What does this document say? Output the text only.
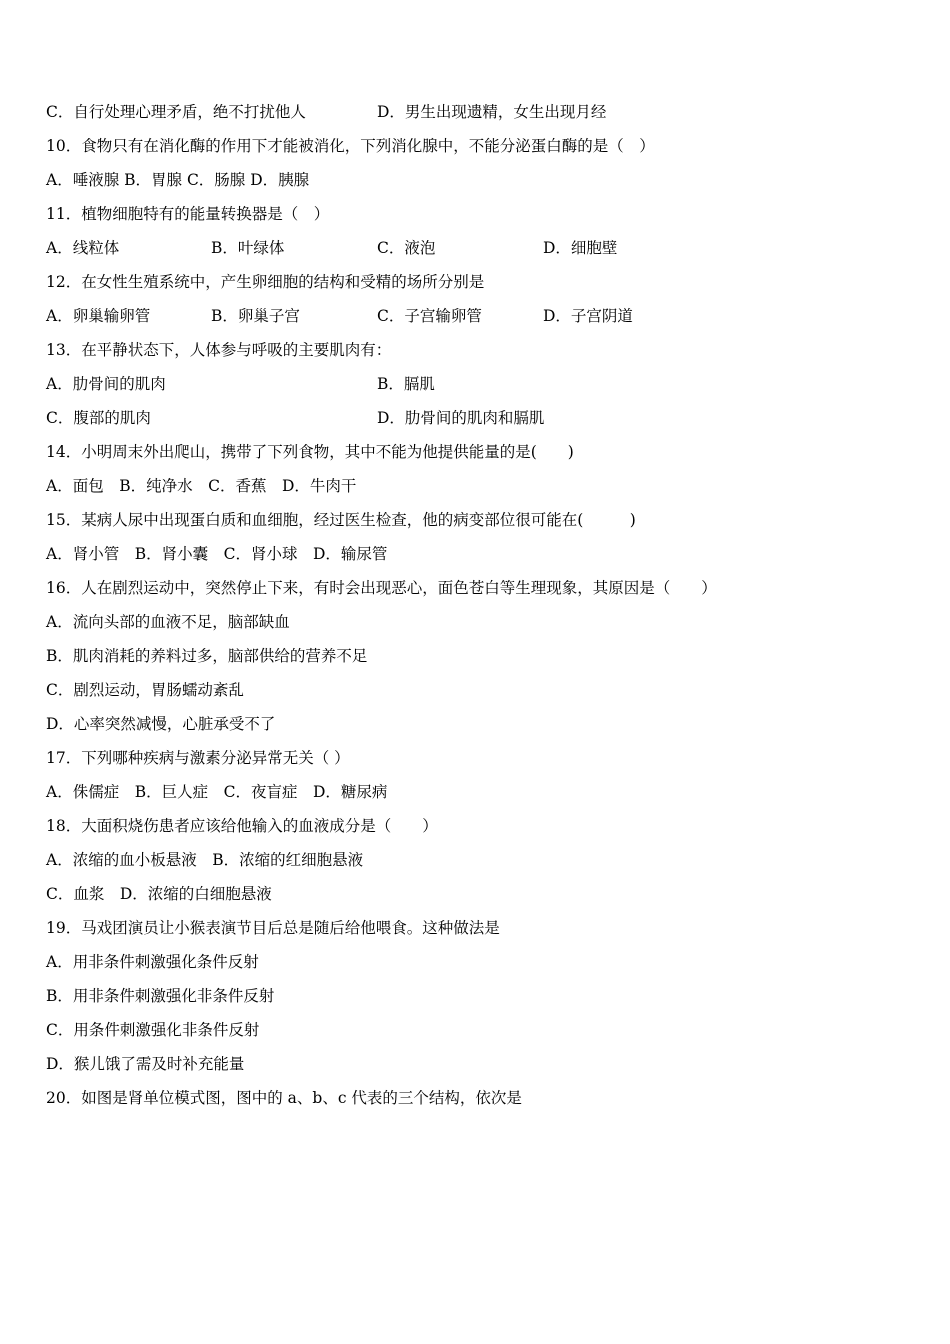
C．自行处理心理矛盾，绝不打扰他人	D．男生出现遗精，女生出现月经
10．食物只有在消化酶的作用下才能被消化，下列消化腺中，不能分泌蛋白酶的是（　）
A．唾液腺 B．胃腺 C．肠腺 D．胰腺
11．植物细胞特有的能量转换器是（　）
A．线粒体	B．叶绿体	C．液泡	D．细胞壁
12．在女性生殖系统中，产生卵细胞的结构和受精的场所分别是
A．卵巢输卵管	B．卵巢子宫	C．子宫输卵管	D．子宫阴道
13．在平静状态下，人体参与呼吸的主要肌肉有：
A．肋骨间的肌肉	B．膈肌
C．腹部的肌肉	D．肋骨间的肌肉和膈肌
14．小明周末外出爬山，携带了下列食物，其中不能为他提供能量的是(　　)
A．面包　B．纯净水　C．香蕉　D．牛肉干
15．某病人尿中出现蛋白质和血细胞，经过医生检查，他的病变部位很可能在(　　　)
A．肾小管　B．肾小囊　C．肾小球　D．输尿管
16．人在剧烈运动中，突然停止下来，有时会出现恶心，面色苍白等生理现象，其原因是（　　）
A．流向头部的血液不足，脑部缺血
B．肌肉消耗的养料过多，脑部供给的营养不足
C．剧烈运动，胃肠蠕动紊乱
D．心率突然减慢，心脏承受不了
17．下列哪种疾病与激素分泌异常无关（ ）
A．侏儒症　B．巨人症　C．夜盲症　D．糖尿病
18．大面积烧伤患者应该给他输入的血液成分是（　　）
A．浓缩的血小板悬液　B．浓缩的红细胞悬液
C．血浆　D．浓缩的白细胞悬液
19．马戏团演员让小猴表演节目后总是随后给他喂食。这种做法是
A．用非条件刺激强化条件反射
B．用非条件刺激强化非条件反射
C．用条件刺激强化非条件反射
D．猴儿饿了需及时补充能量
20．如图是肾单位模式图，图中的 a、b、c 代表的三个结构，依次是
